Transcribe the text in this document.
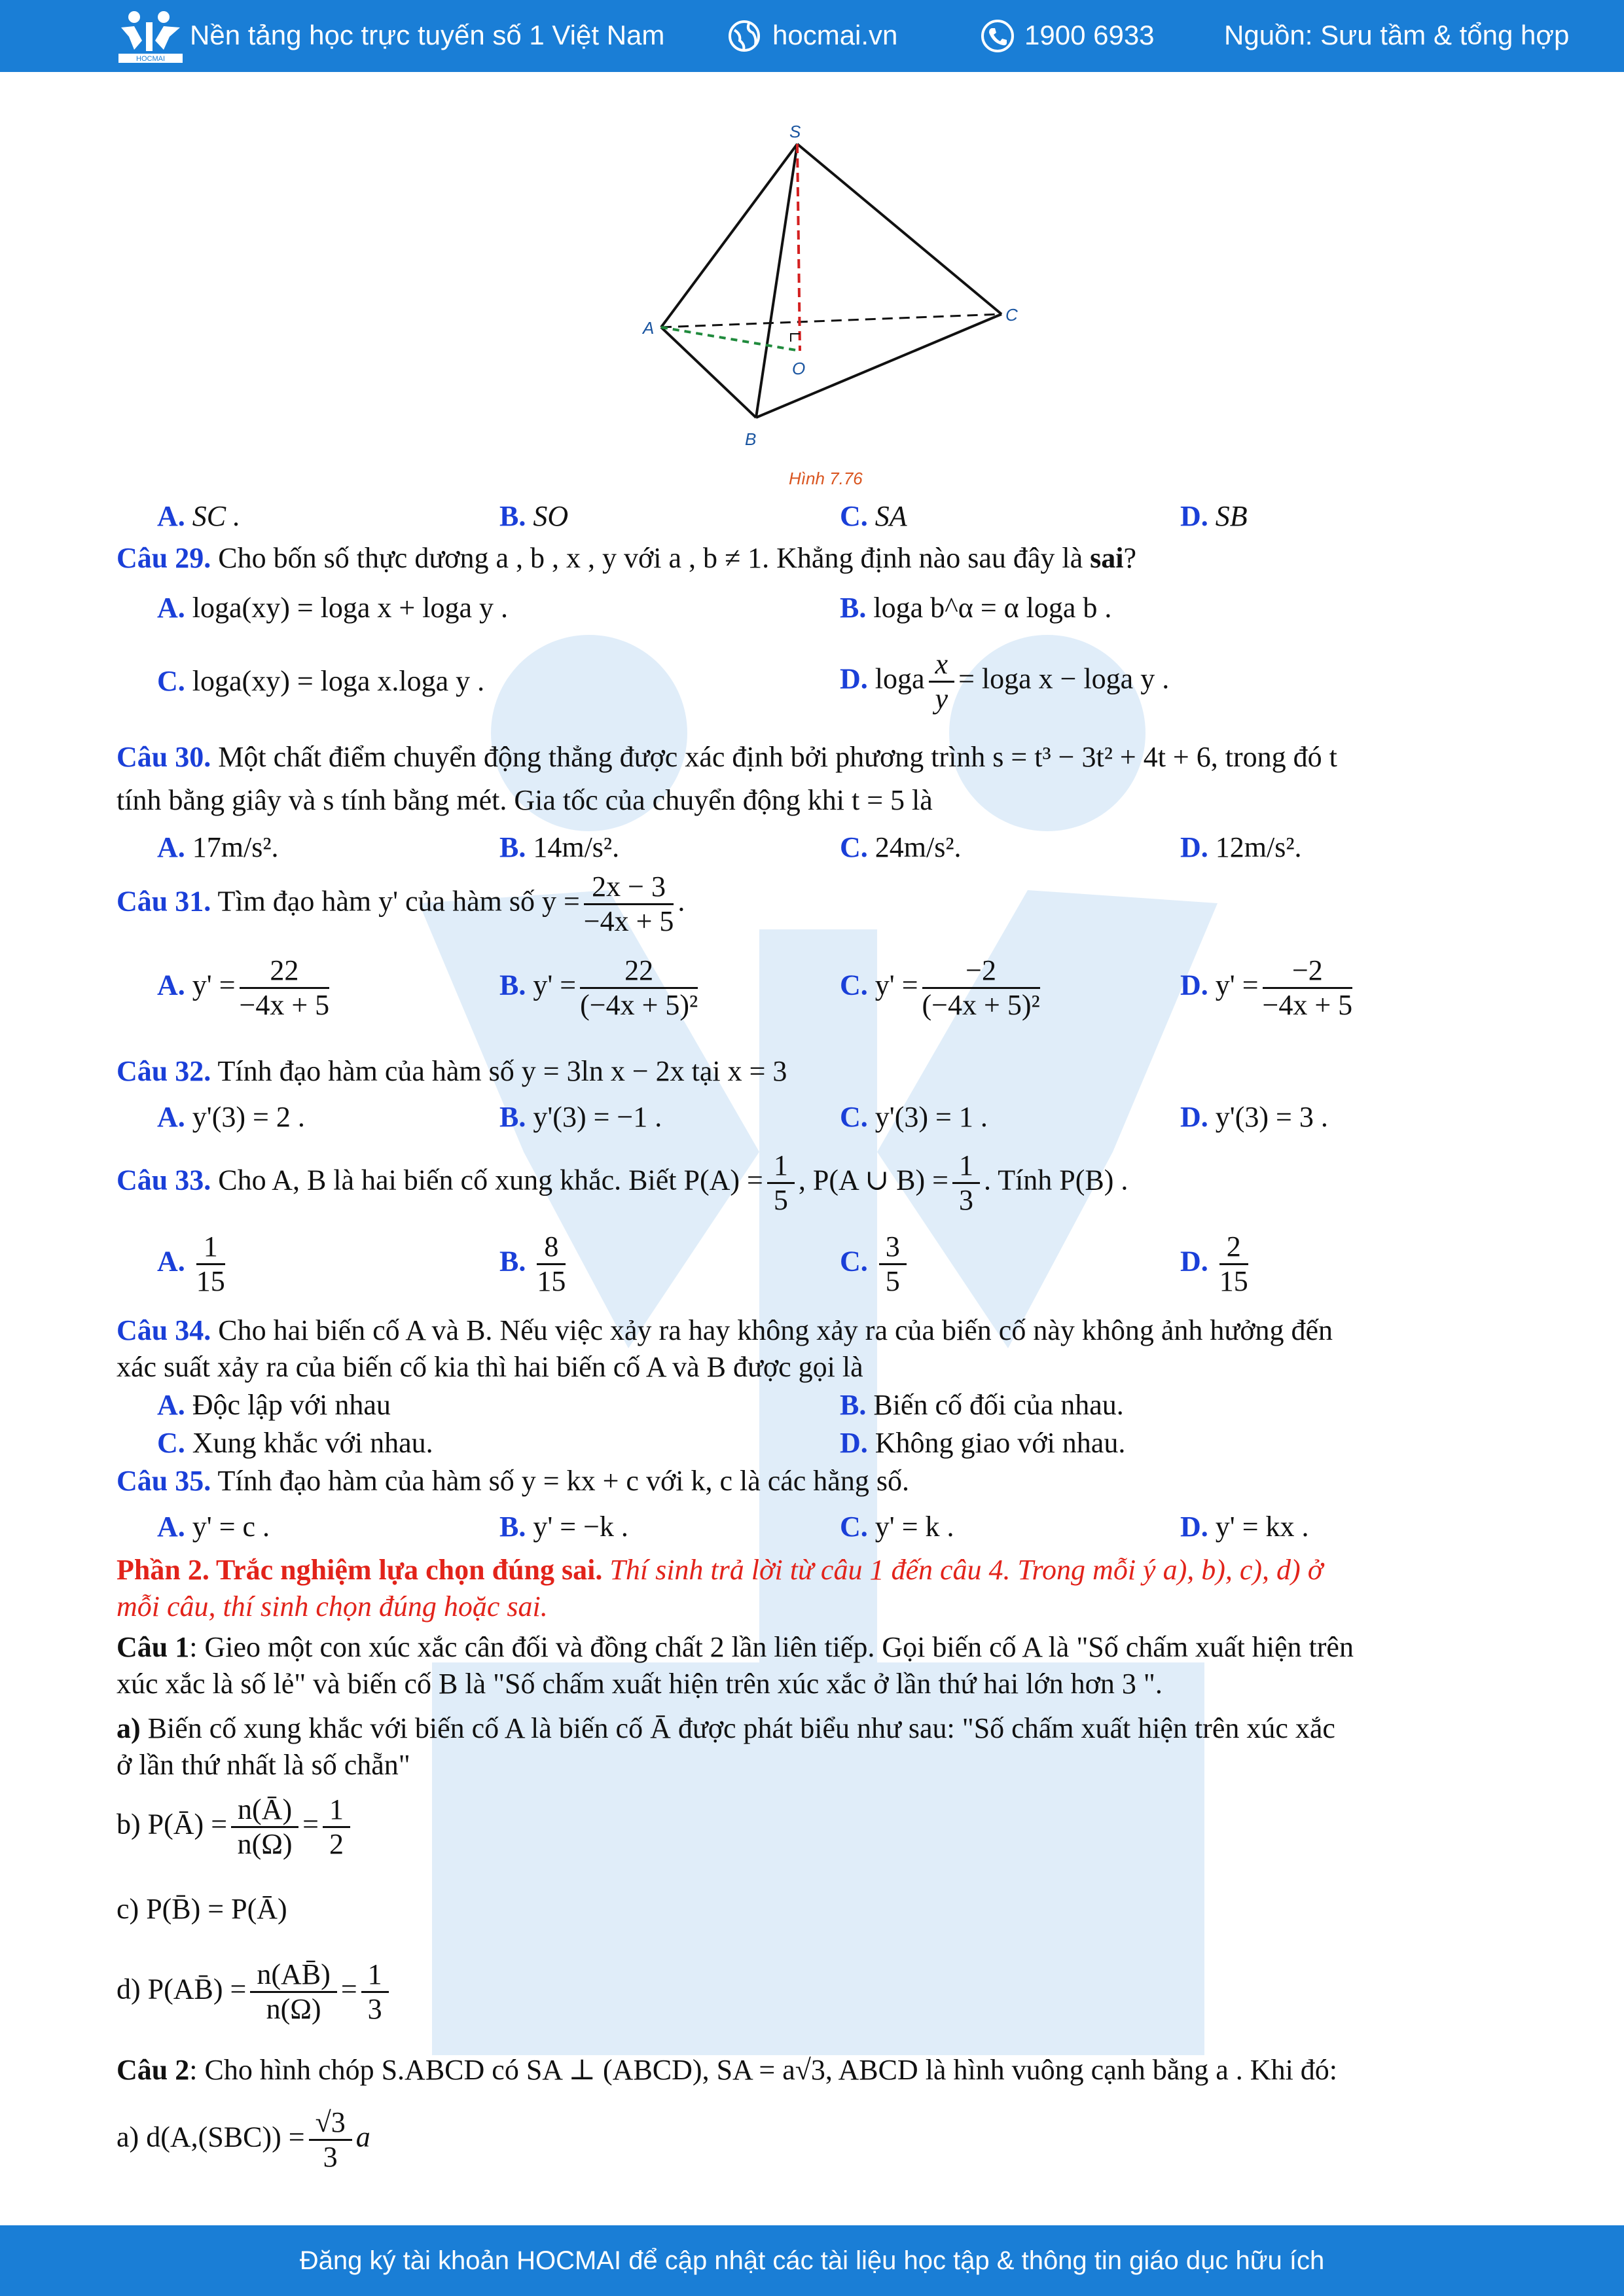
HOCMAI
Nền tảng học trực tuyến số 1 Việt Nam	hocmai.vn	1900 6933	Nguồn: Sưu tầm & tổng hợp
S
A
B
C
O
Hình 7.76
A. SC .	B. SO	C. SA	D. SB
Câu 29. Cho bốn số thực dương a , b , x , y với a , b ≠ 1. Khẳng định nào sau đây là sai?
A. loga(xy) = loga x + loga y .	B. loga b^α = α loga b .
C. loga(xy) = loga x.loga y .	D. loga $\frac{x}{y} = \log a$ x − loga y .
Câu 30. Một chất điểm chuyển động thẳng được xác định bởi phương trình s = t³ − 3t² + 4t + 6, trong đó t
tính bằng giây và s tính bằng mét. Gia tốc của chuyển động khi t = 5 là
A. 17m/s².	B. 14m/s².	C. 24m/s².	D. 12m/s².
Câu 31. Tìm đạo hàm y' của hàm số $y = \frac{2x - 3}{-4x + 5}$ .
A. $y' = \frac{22}{-4x + 5}$	B. $y' = \frac{22}{\text{(−4x + 5)²}}$	C. $y' = \frac{-2}{\text{(−4x + 5)²}}$	D. $y' = \frac{-2}{-4x + 5}$
Câu 32. Tính đạo hàm của hàm số y = 3ln x − 2x tại x = 3
A. y'(3) = 2 .	B. y'(3) = −1 .	C. y'(3) = 1 .	D. y'(3) = 3 .
Câu 33. Cho A, B là hai biến cố xung khắc. Biết $P(A) = \frac{1}{5}$ , P(A ∪ $B) = \frac{1}{3}$ . Tính P(B) .
A. $\frac{1}{15}$	B. $\frac{8}{15}$	C. $\frac{3}{5}$	D. $\frac{2}{15}$
Câu 34. Cho hai biến cố A và B. Nếu việc xảy ra hay không xảy ra của biến cố này không ảnh hưởng đến
xác suất xảy ra của biến cố kia thì hai biến cố A và B được gọi là
A. Độc lập với nhau	B. Biến cố đối của nhau.
C. Xung khắc với nhau.	D. Không giao với nhau.
Câu 35. Tính đạo hàm của hàm số y = kx + c với k, c là các hằng số.
A. y' = c .	B. y' = −k .	C. y' = k .	D. y' = kx .
Phần 2. Trắc nghiệm lựa chọn đúng sai. Thí sinh trả lời từ câu 1 đến câu 4. Trong mỗi ý a), b), c), d) ở
mỗi câu, thí sinh chọn đúng hoặc sai.
Câu 1: Gieo một con xúc xắc cân đối và đồng chất 2 lần liên tiếp. Gọi biến cố A là "Số chấm xuất hiện trên
xúc xắc là số lẻ" và biến cố B là "Số chấm xuất hiện trên xúc xắc ở lần thứ hai lớn hơn 3 ".
a) Biến cố xung khắc với biến cố A là biến cố Ā được phát biểu như sau: "Số chấm xuất hiện trên xúc xắc
ở lần thứ nhất là số chẵn"
b) P(Ā) = $\frac{n(Ā)}{n(\Omega)} = \frac{1}{2}$
c) P(B̄) = P(Ā)
d) P(AB̄) = $\frac{n(AB̄)}{n(\Omega)} = \frac{1}{3}$
Câu 2: Cho hình chóp S.ABCD có SA ⊥ (ABCD), SA = a√3, ABCD là hình vuông cạnh bằng a . Khi đó:
a) $d(A,(SBC)) = \frac{√3}{3}$ a
Đăng ký tài khoản HOCMAI để cập nhật các tài liệu học tập & thông tin giáo dục hữu ích
